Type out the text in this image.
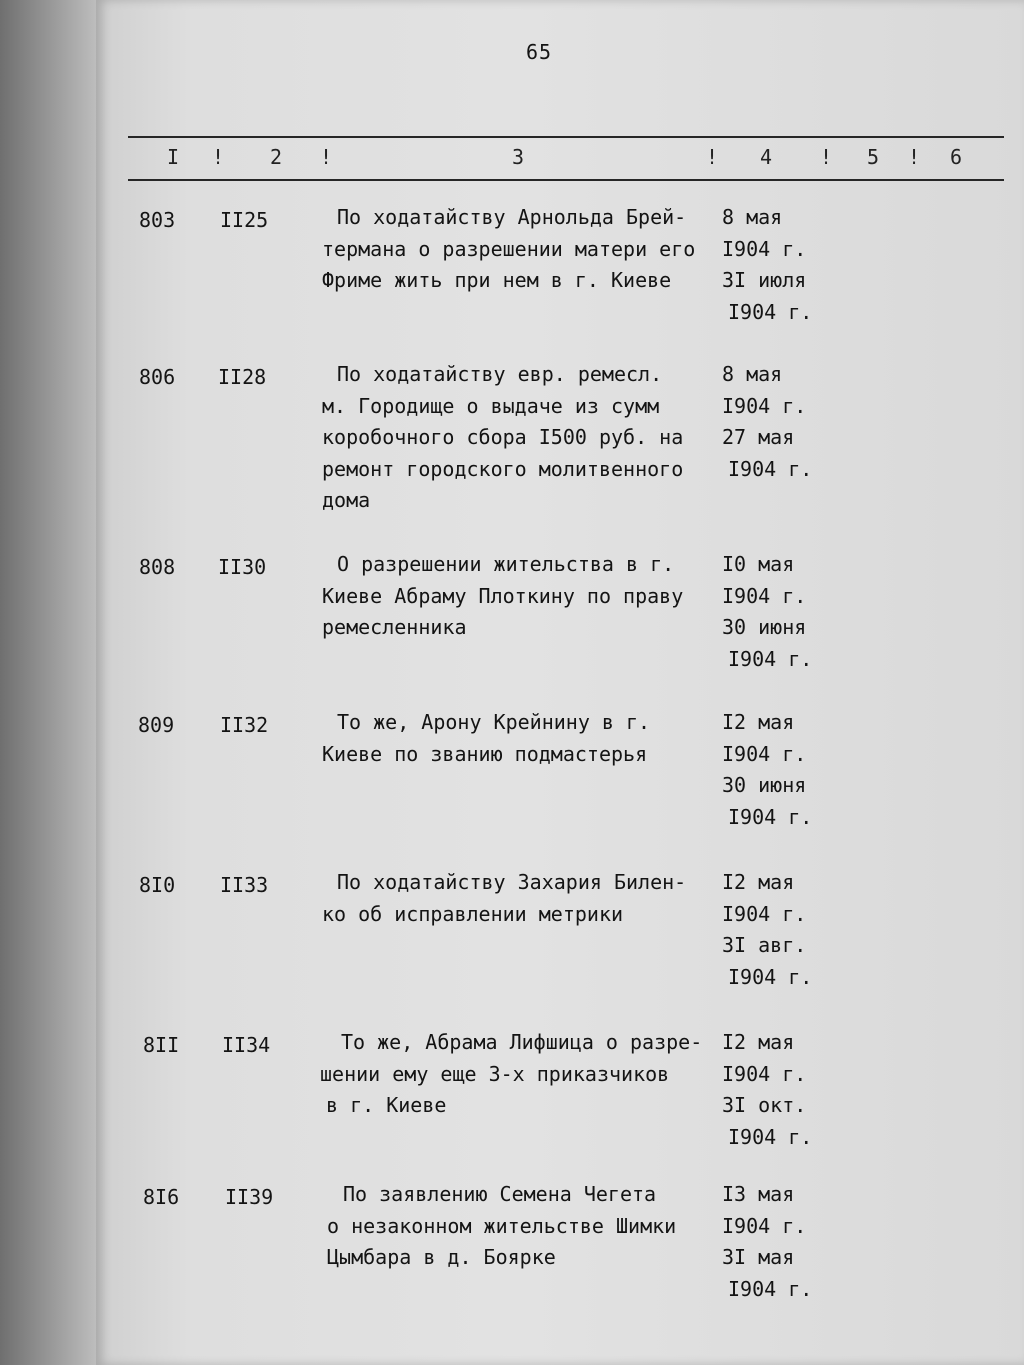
65
I	2	3	4	5	6
!	!	!	!	!
803 II25	По ходатайству Арнольда Брей-
термана о разрешении матери его
Фриме жить при нем в г. Киеве
8 мая
I904 г.
3I июля
I904 г.
806 II28	По ходатайству евр. ремесл.
м. Городище о выдаче из сумм
коробочного сбора I500 руб. на
ремонт городского молитвенного
дома
8 мая
I904 г.
27 мая
I904 г.
808 II30	О разрешении жительства в г.
Киеве Абраму Плоткину по праву
ремесленника
I0 мая
I904 г.
30 июня
I904 г.
809 II32	То же, Арону Крейнину в г.
Киеве по званию подмастерья
I2 мая
I904 г.
30 июня
I904 г.
8I0 II33	По ходатайству Захария Билен-
ко об исправлении метрики
I2 мая
I904 г.
3I авг.
I904 г.
8II II34	То же, Абрама Лифшица о разре-
шении ему еще 3-х приказчиков
в г. Киеве
I2 мая
I904 г.
3I окт.
I904 г.
8I6 II39	По заявлению Семена Чегета
о незаконном жительстве Шимки
Цымбара в д. Боярке
I3 мая
I904 г.
3I мая
I904 г.
